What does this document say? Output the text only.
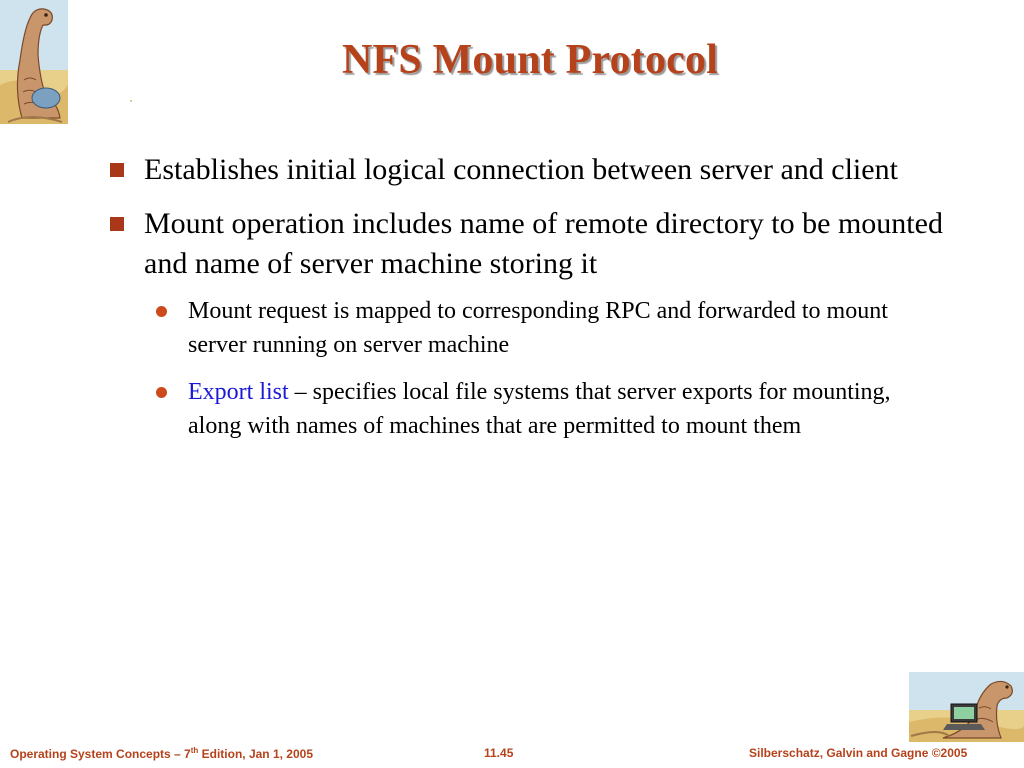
NFS Mount Protocol
Establishes initial logical connection between server and client
Mount operation includes name of remote directory to be mounted and name of server machine storing it
Mount request is mapped to corresponding RPC and forwarded to mount server running on server machine
Export list – specifies local file systems that server exports for mounting, along with names of machines that are permitted to mount them
Operating System Concepts – 7th Edition, Jan 1, 2005	11.45	Silberschatz, Galvin and Gagne ©2005
